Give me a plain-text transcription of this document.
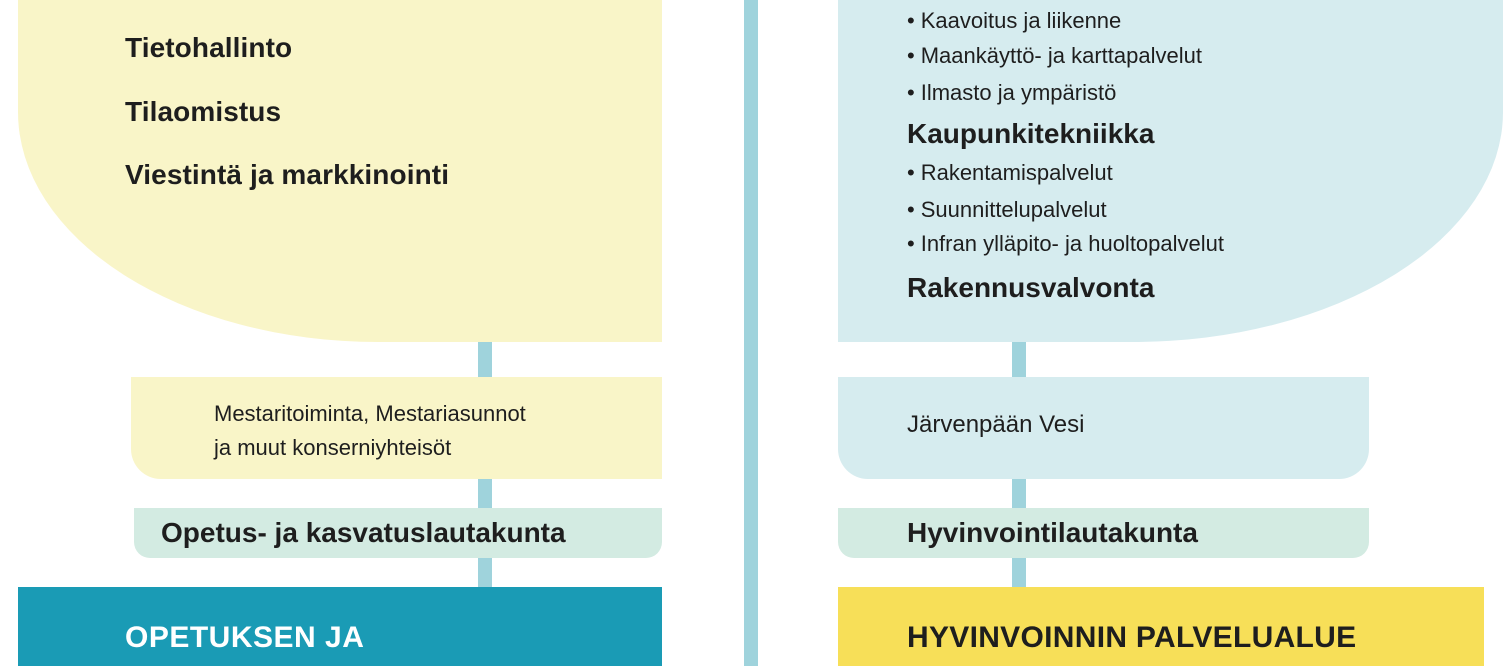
Tietohallinto
Tilaomistus
Viestintä ja markkinointi
Mestaritoiminta, Mestariasunnot
ja muut konserniyhteisöt
Opetus- ja kasvatuslautakunta
OPETUKSEN JA
• Kaavoitus ja liikenne
• Maankäyttö- ja karttapalvelut
• Ilmasto ja ympäristö
Kaupunkitekniikka
• Rakentamispalvelut
• Suunnittelupalvelut
• Infran ylläpito- ja huoltopalvelut
Rakennusvalvonta
Järvenpään Vesi
Hyvinvointilautakunta
HYVINVOINNIN PALVELUALUE
